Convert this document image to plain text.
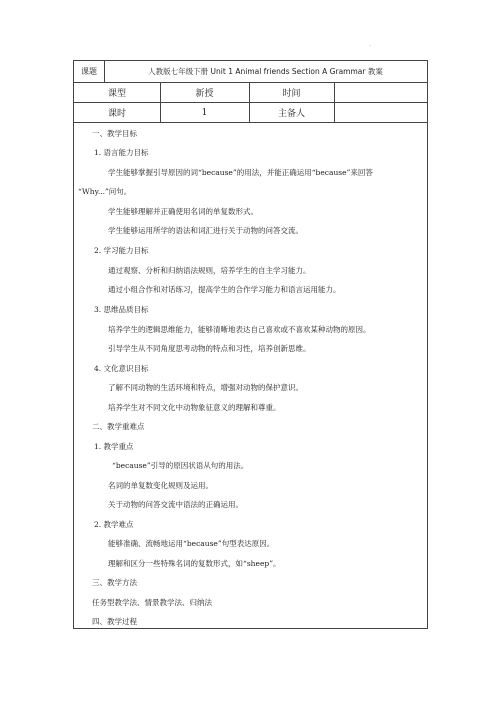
·
课题	人教版七年级下册 Unit 1 Animal friends Section A Grammar 教案
课型	新授	时间
课时	1	主备人
一、教学目标
1. 语言能力目标
学生能够掌握引导原因的词“because”的用法，并能正确运用“because”来回答
“Why...”问句。
学生能够理解并正确使用名词的单复数形式。
学生能够运用所学的语法和词汇进行关于动物的问答交流。
2. 学习能力目标
通过观察、分析和归纳语法规则，培养学生的自主学习能力。
通过小组合作和对话练习，提高学生的合作学习能力和语言运用能力。
3. 思维品质目标
培养学生的逻辑思维能力，能够清晰地表达自己喜欢或不喜欢某种动物的原因。
引导学生从不同角度思考动物的特点和习性，培养创新思维。
4. 文化意识目标
了解不同动物的生活环境和特点，增强对动物的保护意识。
培养学生对不同文化中动物象征意义的理解和尊重。
二、教学重难点
1. 教学重点
“because”引导的原因状语从句的用法。
名词的单复数变化规则及运用。
关于动物的问答交流中语法的正确运用。
2. 教学难点
能够准确、流畅地运用“because”句型表达原因。
理解和区分一些特殊名词的复数形式，如“sheep”。
三、教学方法
任务型教学法、情景教学法、归纳法
四、教学过程
